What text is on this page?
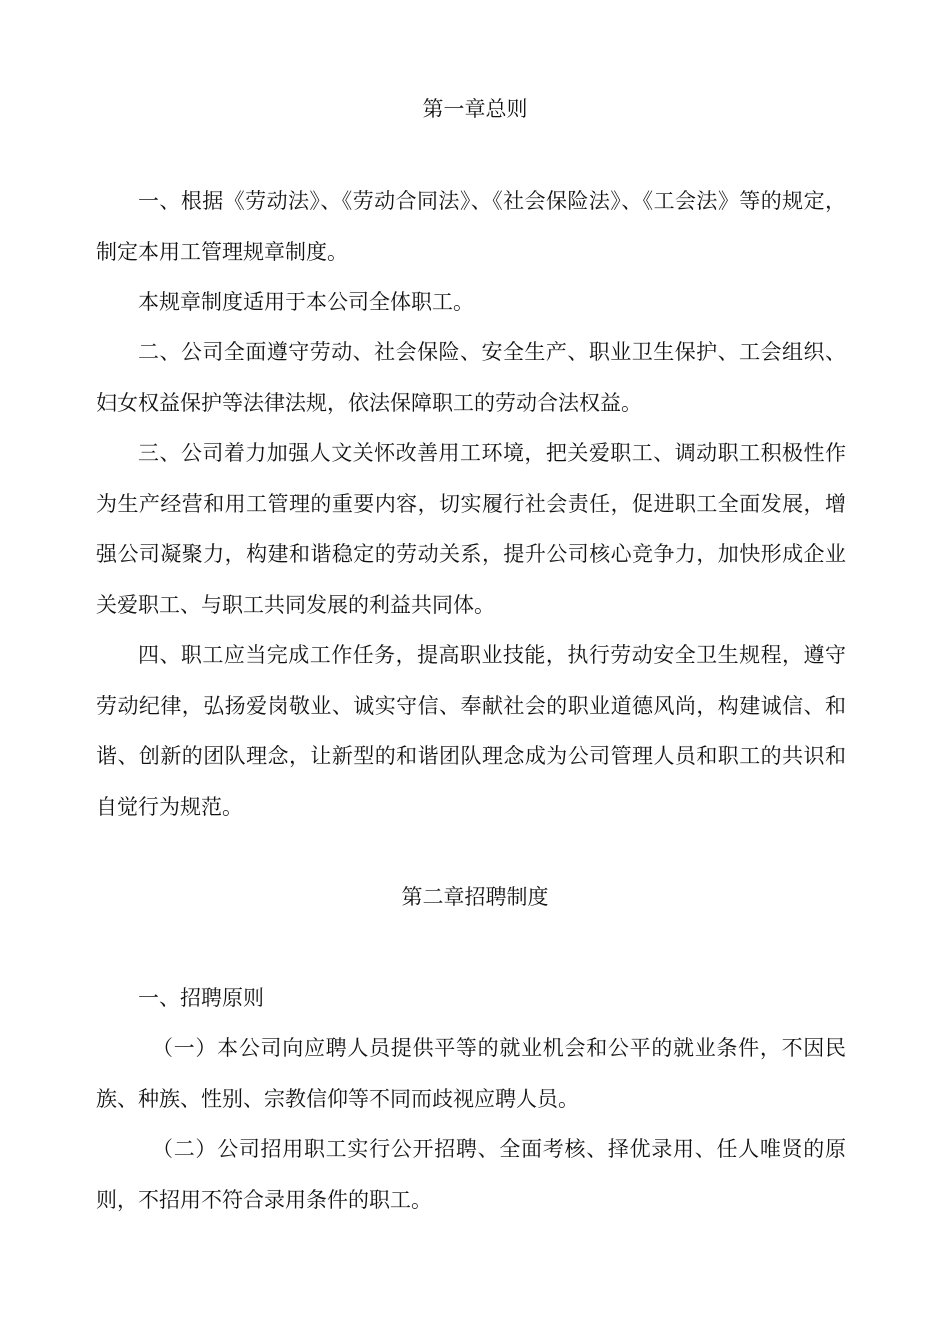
第一章总则

一、根据《劳动法》、《劳动合同法》、《社会保险法》、《工会法》等的规定，制定本用工管理规章制度。

本规章制度适用于本公司全体职工。

二、公司全面遵守劳动、社会保险、安全生产、职业卫生保护、工会组织、妇女权益保护等法律法规，依法保障职工的劳动合法权益。

三、公司着力加强人文关怀改善用工环境，把关爱职工、调动职工积极性作为生产经营和用工管理的重要内容，切实履行社会责任，促进职工全面发展，增强公司凝聚力，构建和谐稳定的劳动关系，提升公司核心竞争力，加快形成企业关爱职工、与职工共同发展的利益共同体。

四、职工应当完成工作任务，提高职业技能，执行劳动安全卫生规程，遵守劳动纪律，弘扬爱岗敬业、诚实守信、奉献社会的职业道德风尚，构建诚信、和谐、创新的团队理念，让新型的和谐团队理念成为公司管理人员和职工的共识和自觉行为规范。

第二章招聘制度

一、招聘原则

（一）本公司向应聘人员提供平等的就业机会和公平的就业条件，不因民族、种族、性别、宗教信仰等不同而歧视应聘人员。

（二）公司招用职工实行公开招聘、全面考核、择优录用、任人唯贤的原则，不招用不符合录用条件的职工。
